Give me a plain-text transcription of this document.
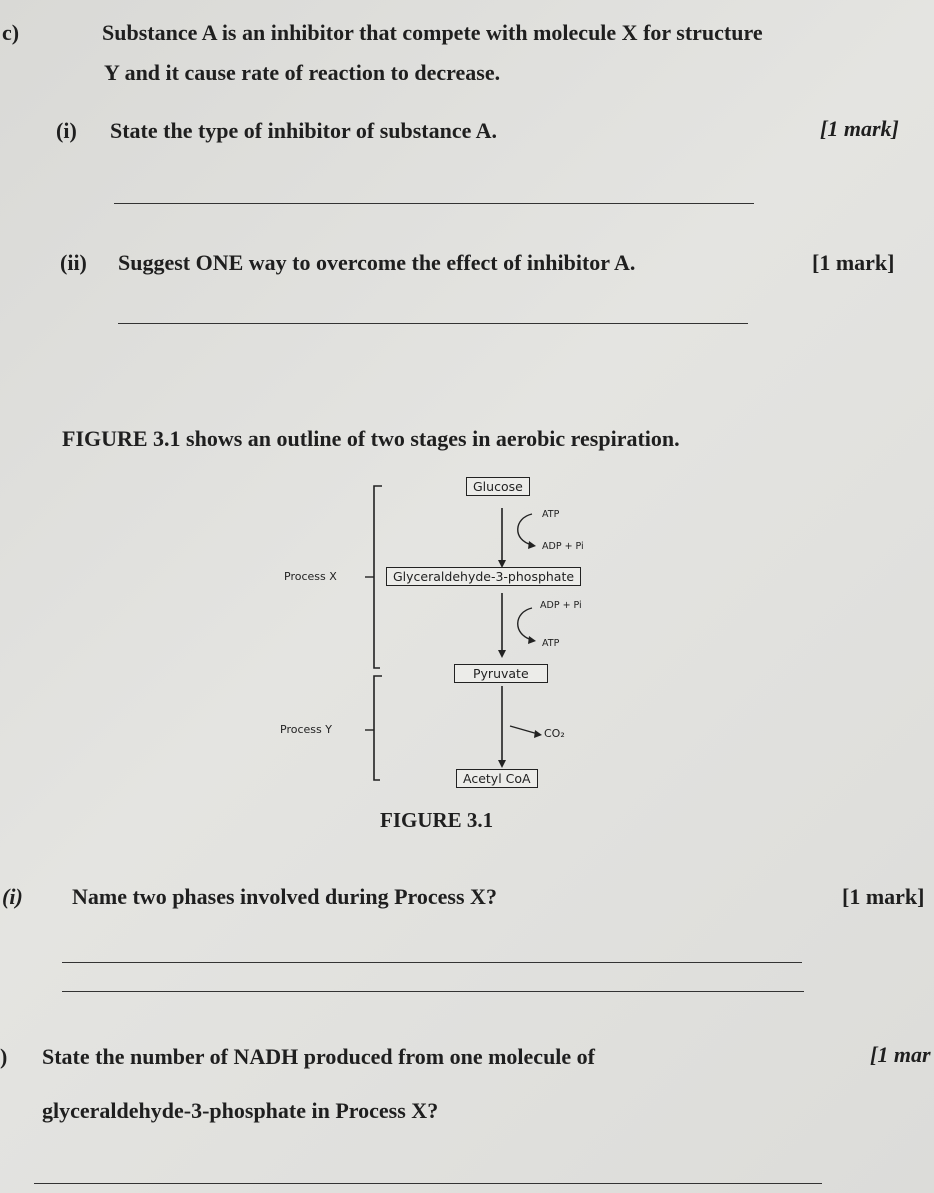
c)	Substance A is an inhibitor that compete with molecule X for structure
Y and it cause rate of reaction to decrease.
(i) State the type of inhibitor of substance A.	[1 mark]
(ii) Suggest ONE way to overcome the effect of inhibitor A.	[1 mark]
FIGURE 3.1 shows an outline of two stages in aerobic respiration.
Glucose
ATP
ADP + Pi
Process X	Glyceraldehyde-3-phosphate
ADP + Pi
ATP
Pyruvate
Process Y	CO₂
Acetyl CoA
FIGURE 3.1
(i) Name two phases involved during Process X?	[1 mark]
) State the number of NADH produced from one molecule of	[1 mar
glyceraldehyde-3-phosphate in Process X?
